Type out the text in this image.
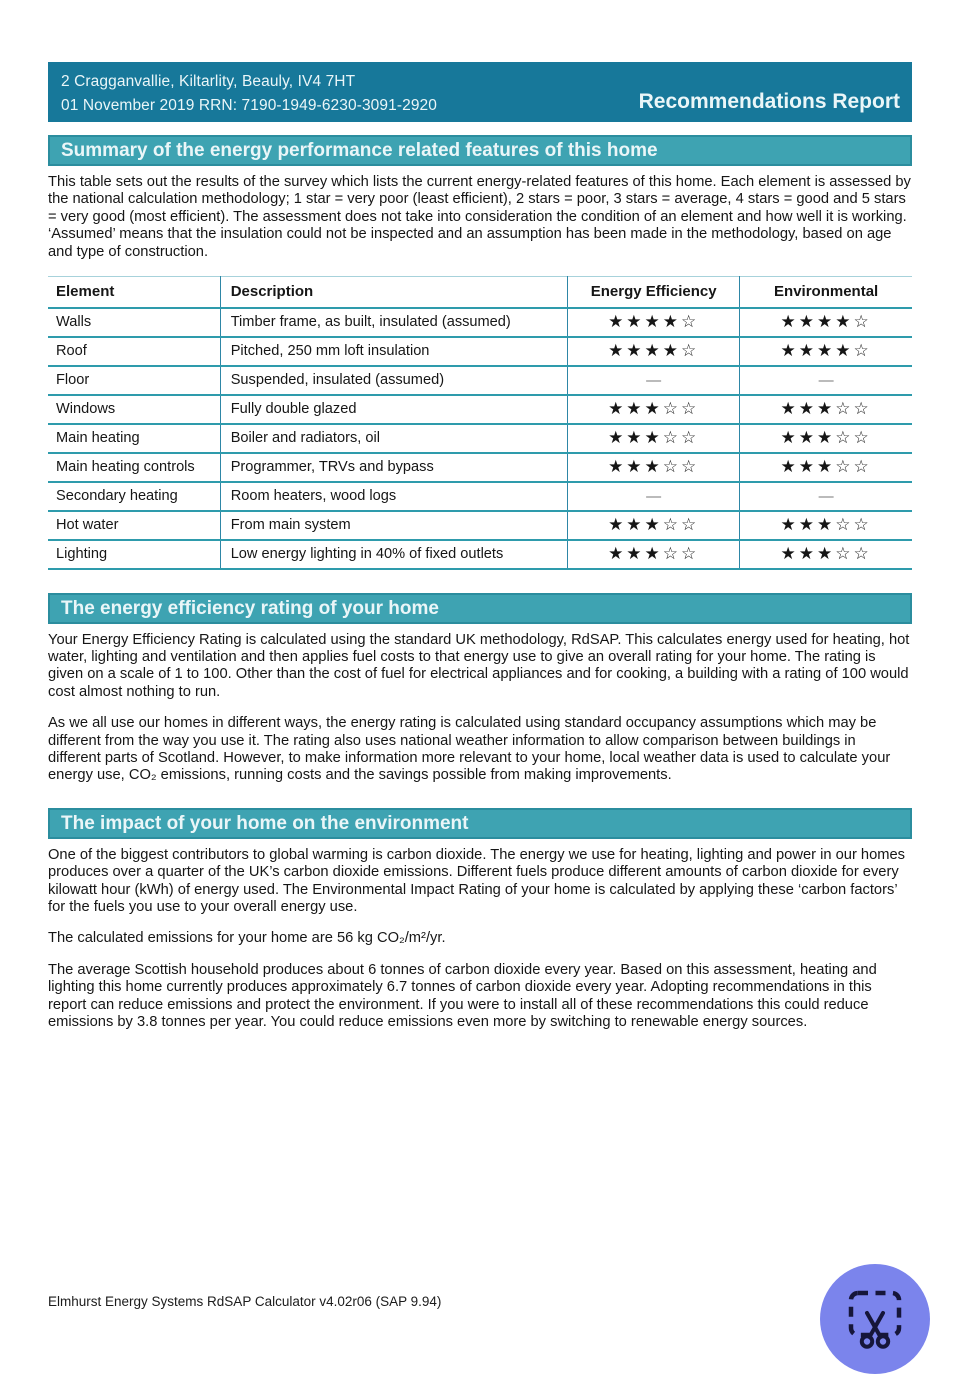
2 Cragganvallie, Kiltarlity, Beauly, IV4 7HT
01 November 2019 RRN: 7190-1949-6230-3091-2920	Recommendations Report
Summary of the energy performance related features of this home

This table sets out the results of the survey which lists the current energy-related features of this home. Each element is assessed by the national calculation methodology; 1 star = very poor (least efficient), 2 stars = poor, 3 stars = average, 4 stars = good and 5 stars = very good (most efficient). The assessment does not take into consideration the condition of an element and how well it is working. ‘Assumed’ means that the insulation could not be inspected and an assumption has been made in the methodology, based on age and type of construction.

Element	Description	Energy Efficiency	Environmental
Walls	Timber frame, as built, insulated (assumed)	★★★★☆	★★★★☆
Roof	Pitched, 250 mm loft insulation	★★★★☆	★★★★☆
Floor	Suspended, insulated (assumed)	—	—
Windows	Fully double glazed	★★★☆☆	★★★☆☆
Main heating	Boiler and radiators, oil	★★★☆☆	★★★☆☆
Main heating controls	Programmer, TRVs and bypass	★★★☆☆	★★★☆☆
Secondary heating	Room heaters, wood logs	—	—
Hot water	From main system	★★★☆☆	★★★☆☆
Lighting	Low energy lighting in 40% of fixed outlets	★★★☆☆	★★★☆☆
The energy efficiency rating of your home

Your Energy Efficiency Rating is calculated using the standard UK methodology, RdSAP. This calculates energy used for heating, hot water, lighting and ventilation and then applies fuel costs to that energy use to give an overall rating for your home. The rating is given on a scale of 1 to 100. Other than the cost of fuel for electrical appliances and for cooking, a building with a rating of 100 would cost almost nothing to run.

As we all use our homes in different ways, the energy rating is calculated using standard occupancy assumptions which may be different from the way you use it. The rating also uses national weather information to allow comparison between buildings in different parts of Scotland. However, to make information more relevant to your home, local weather data is used to calculate your energy use, CO₂ emissions, running costs and the savings possible from making improvements.

The impact of your home on the environment

One of the biggest contributors to global warming is carbon dioxide. The energy we use for heating, lighting and power in our homes produces over a quarter of the UK’s carbon dioxide emissions. Different fuels produce different amounts of carbon dioxide for every kilowatt hour (kWh) of energy used. The Environmental Impact Rating of your home is calculated by applying these ‘carbon factors’ for the fuels you use to your overall energy use.

The calculated emissions for your home are 56 kg CO₂/m²/yr.

The average Scottish household produces about 6 tonnes of carbon dioxide every year. Based on this assessment, heating and lighting this home currently produces approximately 6.7 tonnes of carbon dioxide every year. Adopting recommendations in this report can reduce emissions and protect the environment. If you were to install all of these recommendations this could reduce emissions by 3.8 tonnes per year. You could reduce emissions even more by switching to renewable energy sources.

Elmhurst Energy Systems RdSAP Calculator v4.02r06 (SAP 9.94)
